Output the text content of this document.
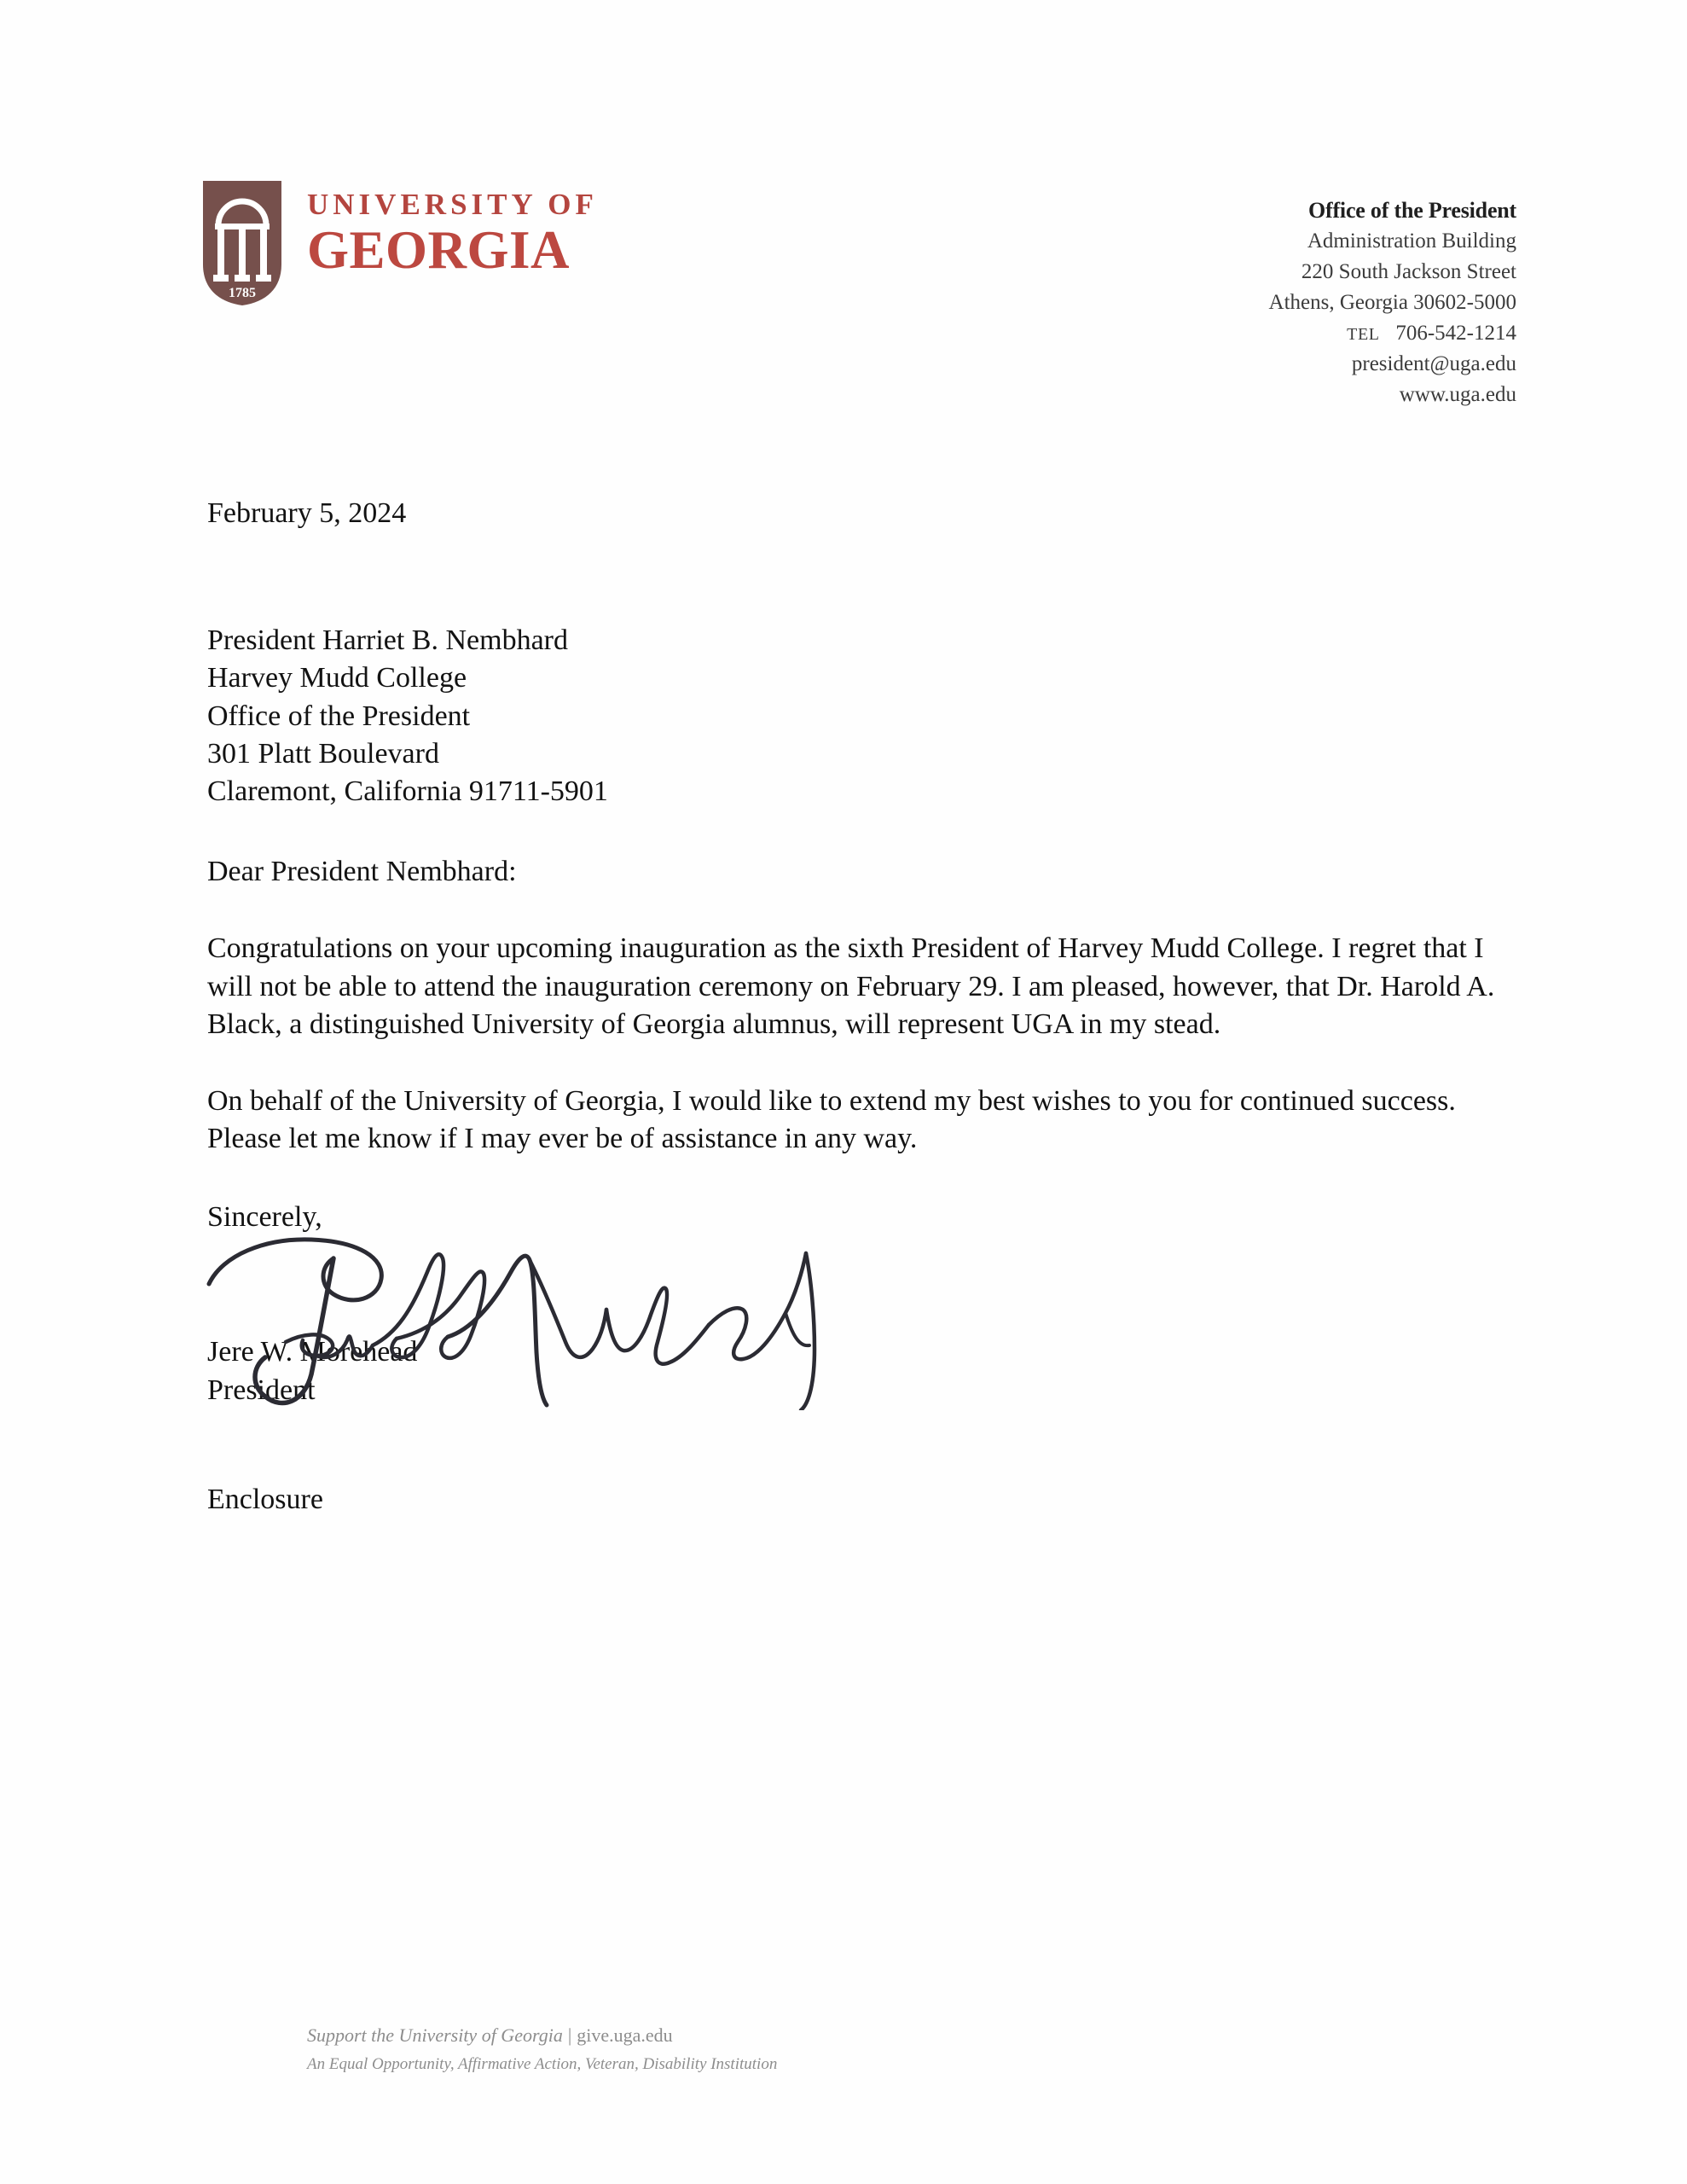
1785
UNIVERSITY OF
GEORGIA
Office of the President
Administration Building
220 South Jackson Street
Athens, Georgia 30602-5000
TEL 706-542-1214
president@uga.edu
www.uga.edu
February 5, 2024
President Harriet B. Nembhard
Harvey Mudd College
Office of the President
301 Platt Boulevard
Claremont, California 91711-5901
Dear President Nembhard:

Congratulations on your upcoming inauguration as the sixth President of Harvey Mudd College. I regret that I will not be able to attend the inauguration ceremony on February 29. I am pleased, however, that Dr. Harold A. Black, a distinguished University of Georgia alumnus, will represent UGA in my stead.

On behalf of the University of Georgia, I would like to extend my best wishes to you for continued success. Please let me know if I may ever be of assistance in any way.

Sincerely,

Jere W. Morehead
President
Enclosure
Support the University of Georgia | give.uga.edu
An Equal Opportunity, Affirmative Action, Veteran, Disability Institution
